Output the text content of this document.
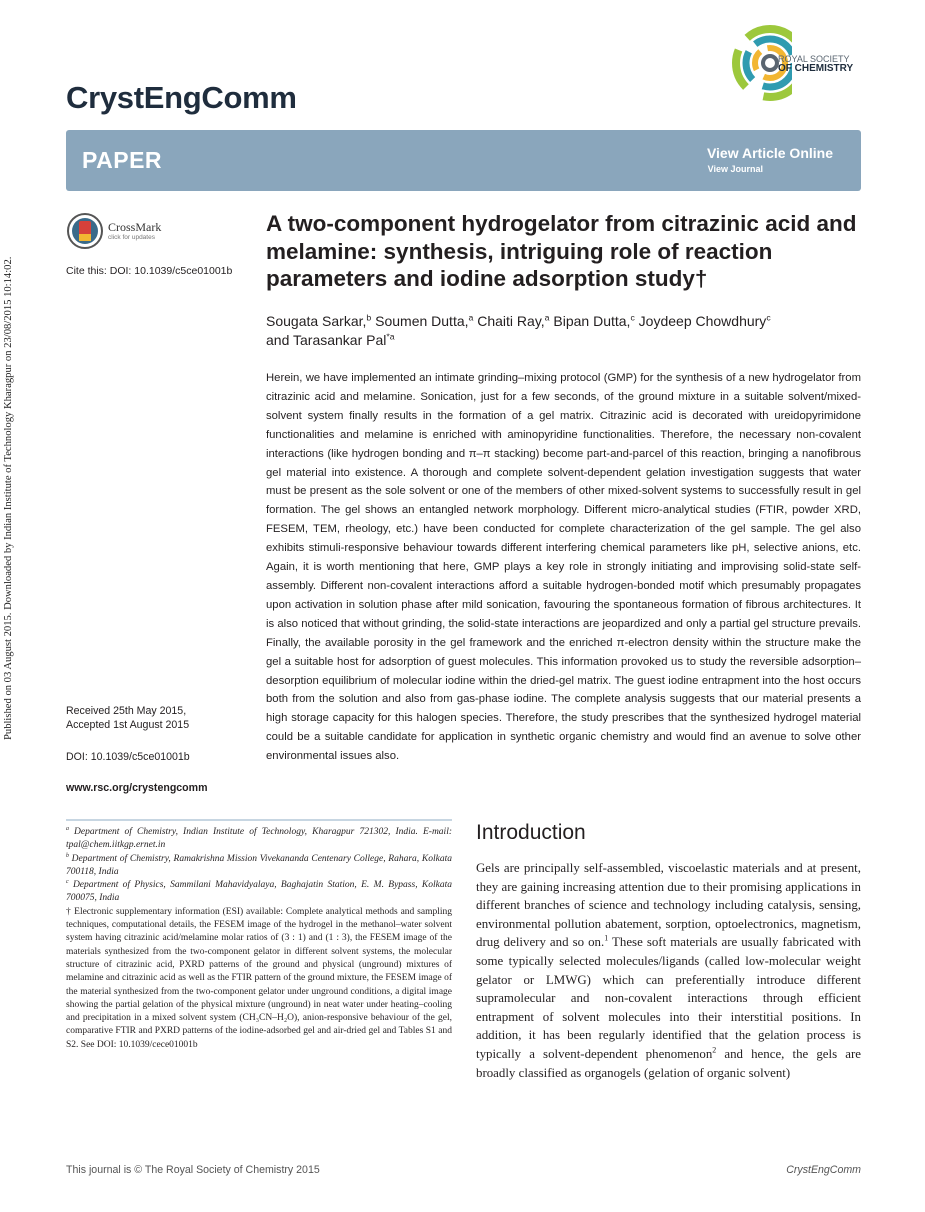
Published on 03 August 2015. Downloaded by Indian Institute of Technology Kharagpur on 23/08/2015 10:14:02.
ROYAL SOCIETY
OF CHEMISTRY
CrystEngComm
PAPER	View Article Online
View Journal
CrossMark
click for updates
Cite this: DOI: 10.1039/c5ce01001b
A two-component hydrogelator from citrazinic acid and melamine: synthesis, intriguing role of reaction parameters and iodine adsorption study†
Sougata Sarkar,$^b$ Soumen Dutta,$^a$ Chaiti Ray,$^a$ Bipan Dutta,$^c$ Joydeep Chowdhury$^c$
and Tarasankar Pal$^{*a}$
Herein, we have implemented an intimate grinding–mixing protocol (GMP) for the synthesis of a new hydrogelator from citrazinic acid and melamine. Sonication, just for a few seconds, of the ground mixture in a suitable solvent/mixed-solvent system finally results in the formation of a gel matrix. Citrazinic acid is decorated with ureidopyrimidone functionalities and melamine is enriched with aminopyridine functionalities. Therefore, the necessary non-covalent interactions (like hydrogen bonding and π–π stacking) become part-and-parcel of this reaction, bringing a nanofibrous gel material into existence. A thorough and complete solvent-dependent gelation investigation suggests that water must be present as the sole solvent or one of the members of other mixed-solvent systems to successfully result in gel formation. The gel shows an entangled network morphology. Different micro-analytical studies (FTIR, powder XRD, FESEM, TEM, rheology, etc.) have been conducted for complete characterization of the gel sample. The gel also exhibits stimuli-responsive behaviour towards different interfering chemical parameters like pH, selective anions, etc. Again, it is worth mentioning that here, GMP plays a key role in strongly initiating and improvising solid-state self-assembly. Different non-covalent interactions afford a suitable hydrogen-bonded motif which presumably propagates upon activation in solution phase after mild sonication, favouring the spontaneous formation of fibrous architectures. It is also noticed that without grinding, the solid-state interactions are jeopardized and only a partial gel structure prevails. Finally, the available porosity in the gel framework and the enriched π-electron density within the structure make the gel a suitable host for adsorption of guest molecules. This information provoked us to study the reversible adsorption–desorption equilibrium of molecular iodine within the dried-gel matrix. The guest iodine entrapment into the host occurs both from the solution and also from gas-phase iodine. The complete analysis suggests that our material presents a high storage capacity for this halogen species. Therefore, the study prescribes that the synthesized hydrogel material could be a suitable candidate for application in synthetic organic chemistry and would find an avenue to solve other environmental issues also.
Received 25th May 2015,
Accepted 1st August 2015
DOI: 10.1039/c5ce01001b
www.rsc.org/crystengcomm

$^a$ Department of Chemistry, Indian Institute of Technology, Kharagpur 721302, India. E-mail: tpal@chem.iitkgp.ernet.in

$^b$ Department of Chemistry, Ramakrishna Mission Vivekananda Centenary College, Rahara, Kolkata 700118, India

$^c$ Department of Physics, Sammilani Mahavidyalaya, Baghajatin Station, E. M. Bypass, Kolkata 700075, India

† Electronic supplementary information (ESI) available: Complete analytical methods and sampling techniques, computational details, the FESEM image of the hydrogel in the methanol–water solvent system having citrazinic acid/melamine molar ratios of (3 : 1) and (1 : 3), the FESEM image of the materials synthesized from the two-component gelator in different solvent systems, the molecular structure of citrazinic acid, PXRD patterns of the ground and physical (unground) mixtures of melamine and citrazinic acid as well as the FTIR pattern of the ground mixture, the FESEM image of the material synthesized from the two-component gelator under unground conditions, a digital image showing the partial gelation of the physical mixture (unground) in neat water under heating–cooling and precipitation in a mixed solvent system (CH₃CN–H₂O), anion-responsive behaviour of the gel, comparative FTIR and PXRD patterns of the iodine-adsorbed gel and air-dried gel and Tables S1 and S2. See DOI: 10.1039/cece01001b

Introduction
Gels are principally self-assembled, viscoelastic materials and at present, they are gaining increasing attention due to their promising applications in different branches of science and technology including catalysis, sensing, environmental pollution abatement, sorption, optoelectronics, magnetism, drug delivery and so on.$^1$ These soft materials are usually fabricated with some typically selected molecules/ligands (called low-molecular weight gelator or LMWG) which can preferentially introduce different supramolecular and non-covalent interactions through efficient entrapment of solvent molecules into their interstitial positions. In addition, it has been regularly identified that the gelation process is typically a solvent-dependent phenomenon$^2$ and hence, the gels are broadly classified as organogels (gelation of organic solvent)
This journal is © The Royal Society of Chemistry 2015	CrystEngComm
